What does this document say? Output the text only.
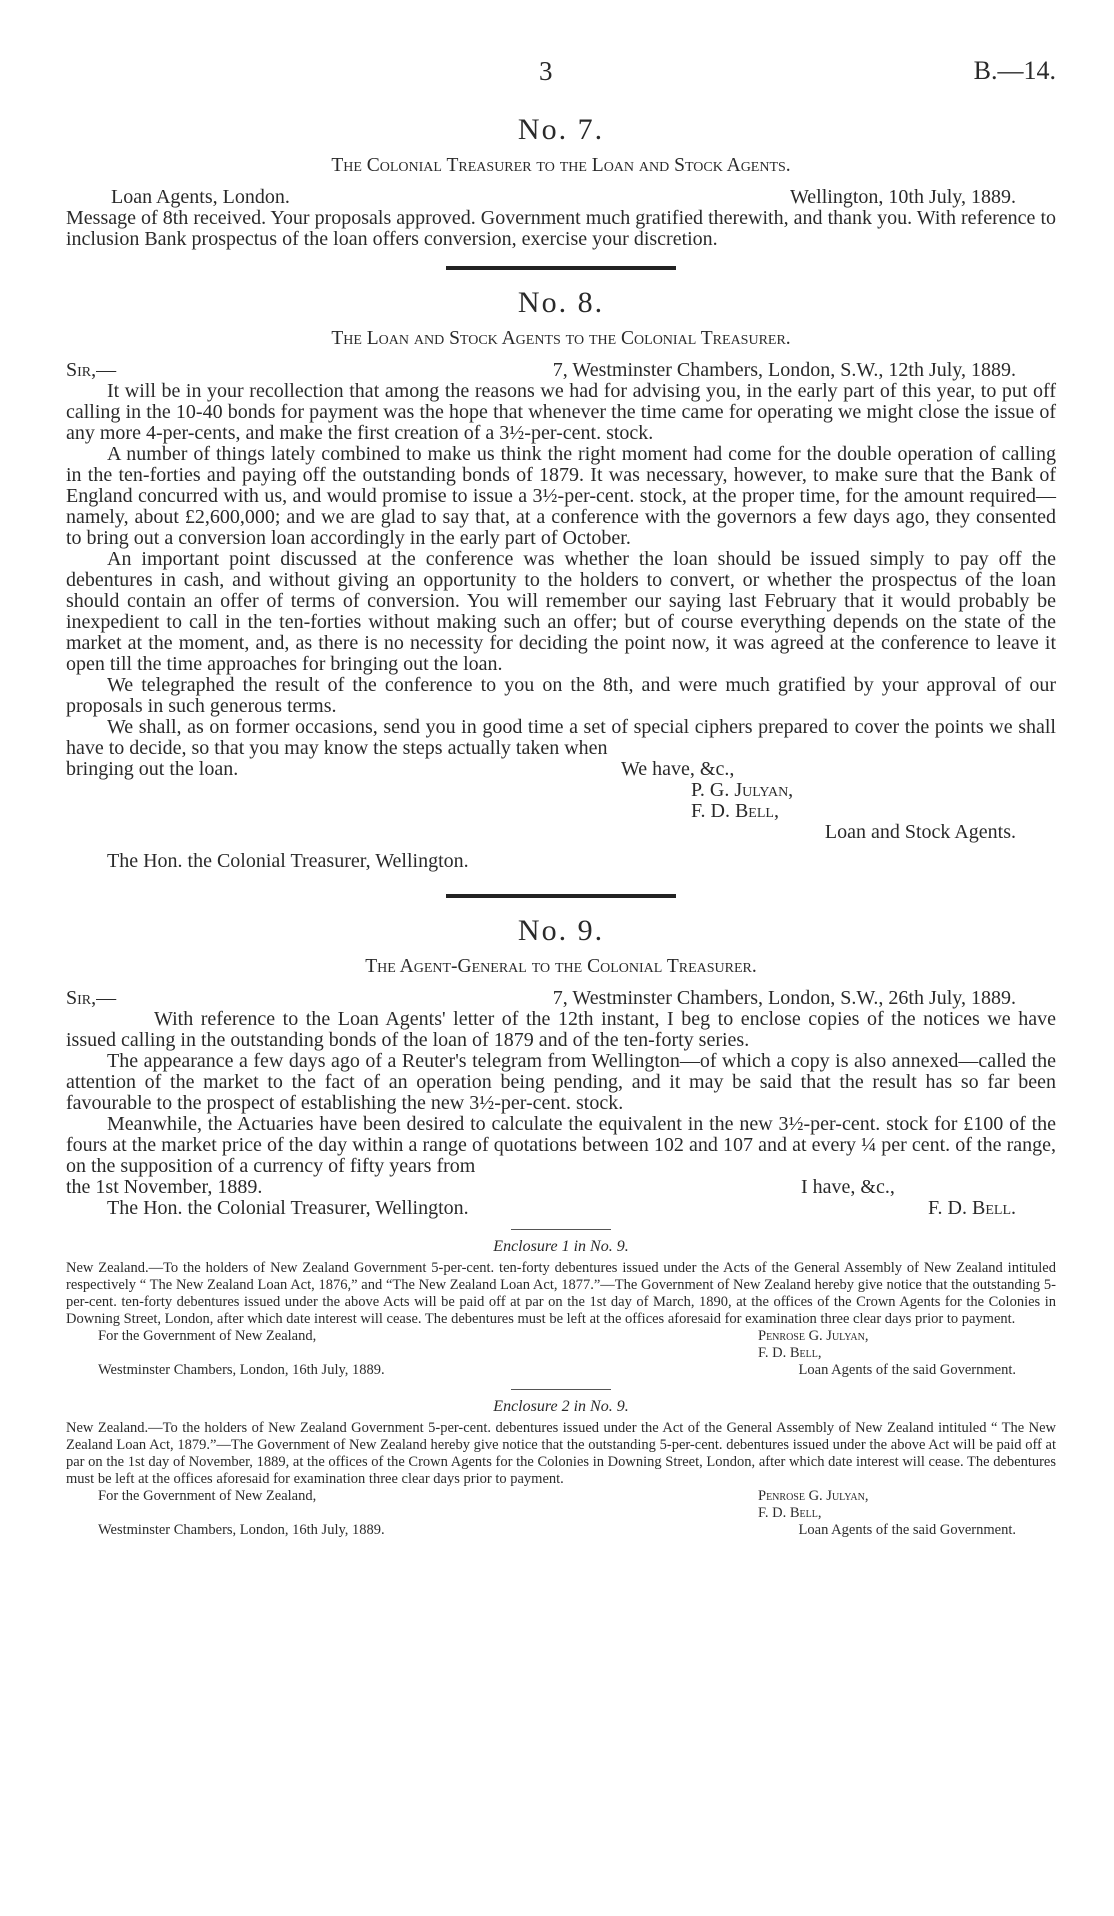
3	B.—14.
No. 7.
The Colonial Treasurer to the Loan and Stock Agents.
Loan Agents, London.	Wellington, 10th July, 1889.

Message of 8th received. Your proposals approved. Government much gratified therewith, and thank you. With reference to inclusion Bank prospectus of the loan offers conversion, exercise your discretion.

No. 8.
The Loan and Stock Agents to the Colonial Treasurer.
Sir,—	7, Westminster Chambers, London, S.W., 12th July, 1889.

It will be in your recollection that among the reasons we had for advising you, in the early part of this year, to put off calling in the 10-40 bonds for payment was the hope that whenever the time came for operating we might close the issue of any more 4-per-cents, and make the first creation of a 3½-per-cent. stock.

A number of things lately combined to make us think the right moment had come for the double operation of calling in the ten-forties and paying off the outstanding bonds of 1879. It was necessary, however, to make sure that the Bank of England concurred with us, and would promise to issue a 3½-per-cent. stock, at the proper time, for the amount required—namely, about £2,600,000; and we are glad to say that, at a conference with the governors a few days ago, they consented to bring out a conversion loan accordingly in the early part of October.

An important point discussed at the conference was whether the loan should be issued simply to pay off the debentures in cash, and without giving an opportunity to the holders to convert, or whether the prospectus of the loan should contain an offer of terms of conversion. You will remember our saying last February that it would probably be inexpedient to call in the ten-forties without making such an offer; but of course everything depends on the state of the market at the moment, and, as there is no necessity for deciding the point now, it was agreed at the conference to leave it open till the time approaches for bringing out the loan.

We telegraphed the result of the conference to you on the 8th, and were much gratified by your approval of our proposals in such generous terms.

We shall, as on former occasions, send you in good time a set of special ciphers prepared to cover the points we shall have to decide, so that you may know the steps actually taken when

bringing out the loan.	We have, &c.,
P. G. Julyan,
F. D. Bell,
Loan and Stock Agents.
The Hon. the Colonial Treasurer, Wellington.
No. 9.
The Agent-General to the Colonial Treasurer.
Sir,—	7, Westminster Chambers, London, S.W., 26th July, 1889.

With reference to the Loan Agents' letter of the 12th instant, I beg to enclose copies of the notices we have issued calling in the outstanding bonds of the loan of 1879 and of the ten-forty series.

The appearance a few days ago of a Reuter's telegram from Wellington—of which a copy is also annexed—called the attention of the market to the fact of an operation being pending, and it may be said that the result has so far been favourable to the prospect of establishing the new 3½-per-cent. stock.

Meanwhile, the Actuaries have been desired to calculate the equivalent in the new 3½-per-cent. stock for £100 of the fours at the market price of the day within a range of quotations between 102 and 107 and at every ¼ per cent. of the range, on the supposition of a currency of fifty years from

the 1st November, 1889.	I have, &c.,
The Hon. the Colonial Treasurer, Wellington.	F. D. Bell.
Enclosure 1 in No. 9.

New Zealand.—To the holders of New Zealand Government 5-per-cent. ten-forty debentures issued under the Acts of the General Assembly of New Zealand intituled respectively “ The New Zealand Loan Act, 1876,” and “The New Zealand Loan Act, 1877.”—The Government of New Zealand hereby give notice that the outstanding 5-per-cent. ten-forty debentures issued under the above Acts will be paid off at par on the 1st day of March, 1890, at the offices of the Crown Agents for the Colonies in Downing Street, London, after which date interest will cease. The debentures must be left at the offices aforesaid for examination three clear days prior to payment.

For the Government of New Zealand,	Penrose G. Julyan,
F. D. Bell,
Westminster Chambers, London, 16th July, 1889.	Loan Agents of the said Government.
Enclosure 2 in No. 9.

New Zealand.—To the holders of New Zealand Government 5-per-cent. debentures issued under the Act of the General Assembly of New Zealand intituled “ The New Zealand Loan Act, 1879.”—The Government of New Zealand hereby give notice that the outstanding 5-per-cent. debentures issued under the above Act will be paid off at par on the 1st day of November, 1889, at the offices of the Crown Agents for the Colonies in Downing Street, London, after which date interest will cease. The debentures must be left at the offices aforesaid for examination three clear days prior to payment.

For the Government of New Zealand,	Penrose G. Julyan,
F. D. Bell,
Westminster Chambers, London, 16th July, 1889.	Loan Agents of the said Government.
